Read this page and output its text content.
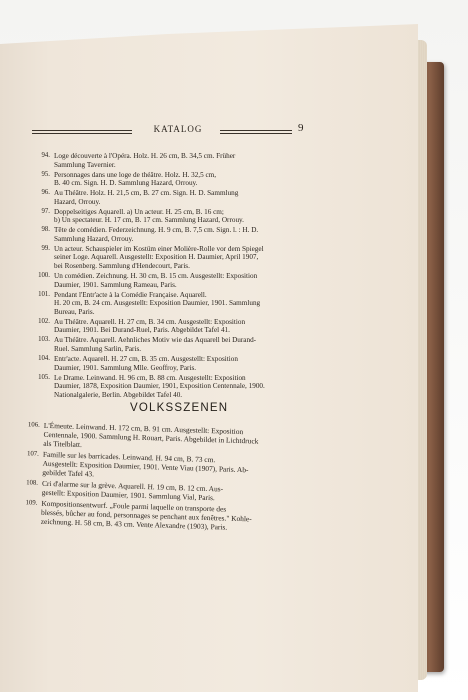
KATALOG	9
94. Loge découverte à l'Opéra. Holz. H. 26 cm, B. 34,5 cm. Früher
Sammlung Tavernier.
95. Personnages dans une loge de théâtre. Holz. H. 32,5 cm,
B. 40 cm. Sign. H. D. Sammlung Hazard, Orrouy.
96. Au Théâtre. Holz. H. 21,5 cm, B. 27 cm. Sign. H. D. Sammlung
Hazard, Orrouy.
97. Doppelseitiges Aquarell. a) Un acteur. H. 25 cm, B. 16 cm;
b) Un spectateur. H. 17 cm, B. 17 cm. Sammlung Hazard, Orrouy.
98. Tête de comédien. Federzeichnung. H. 9 cm, B. 7,5 cm. Sign. l. : H. D.
Sammlung Hazard, Orrouy.
99. Un acteur. Schauspieler im Kostüm einer Molière-Rolle vor dem Spiegel
seiner Loge. Aquarell. Ausgestellt: Exposition H. Daumier, April 1907,
bei Rosenberg. Sammlung d'Hendecourt, Paris.
100. Un comédien. Zeichnung. H. 30 cm, B. 15 cm. Ausgestellt: Exposition
Daumier, 1901. Sammlung Rameau, Paris.
101. Pendant l'Entr'acte à la Comédie Française. Aquarell.
H. 20 cm, B. 24 cm. Ausgestellt: Exposition Daumier, 1901. Sammlung
Bureau, Paris.
102. Au Théâtre. Aquarell. H. 27 cm, B. 34 cm. Ausgestellt: Exposition
Daumier, 1901. Bei Durand-Ruel, Paris. Abgebildet Tafel 41.
103. Au Théâtre. Aquarell. Aehnliches Motiv wie das Aquarell bei Durand-
Ruel. Sammlung Sarlin, Paris.
104. Entr'acte. Aquarell. H. 27 cm, B. 35 cm. Ausgestellt: Exposition
Daumier, 1901. Sammlung Mlle. Geoffroy, Paris.
105. Le Drame. Leinwand. H. 96 cm, B. 88 cm. Ausgestellt: Exposition
Daumier, 1878, Exposition Daumier, 1901, Exposition Centennale, 1900.
Nationalgalerie, Berlin. Abgebildet Tafel 40.
VOLKSSZENEN
106. L'Émeute. Leinwand. H. 172 cm, B. 91 cm. Ausgestellt: Exposition
Centennale, 1900. Sammlung H. Rouart, Paris. Abgebildet in Lichtdruck
als Titelblatt.
107. Famille sur les barricades. Leinwand. H. 94 cm, B. 73 cm.
Ausgestellt: Exposition Daumier, 1901. Vente Viau (1907), Paris. Ab-
gebildet Tafel 43.
108. Cri d'alarme sur la grève. Aquarell. H. 19 cm, B. 12 cm. Aus-
gestellt: Exposition Daumier, 1901. Sammlung Vial, Paris.
109. Kompositionsentwurf. „Foule parmi laquelle on transporte des
blessés, bûcher au fond, personnages se penchant aux fenêtres." Kohle-
zeichnung. H. 58 cm, B. 43 cm. Vente Alexandre (1903), Paris.
